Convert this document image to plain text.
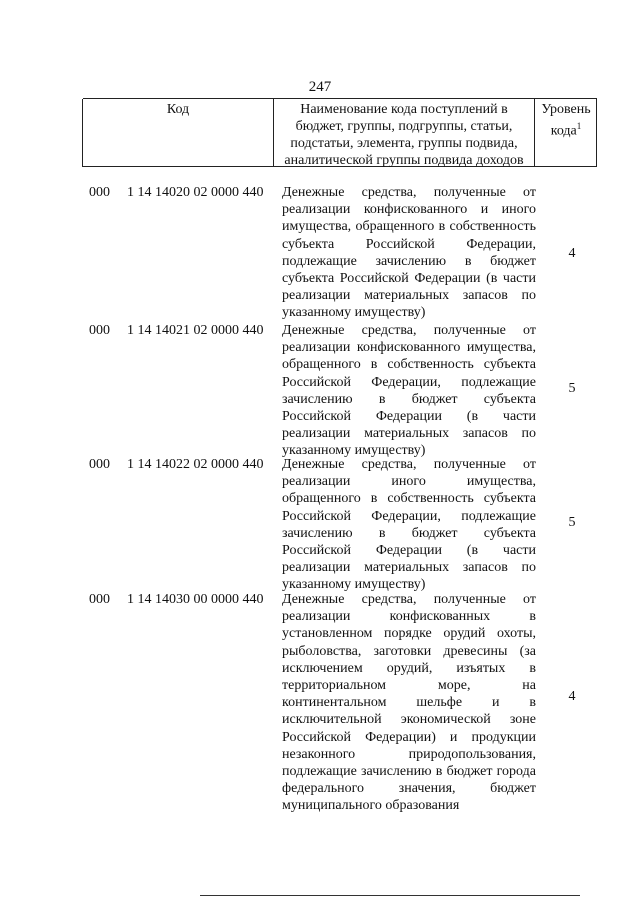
247
Код	Наименование кода поступлений в бюджет, группы, подгруппы, статьи, подстатьи, элемента, группы подвида, аналитической группы подвида доходов
Уровень кода$^1$
000 1 14 14020 02 0000 440 Денежные средства, полученные от реализации конфискованного и иного имущества, обращенного в собственность субъекта Российской Федерации, подлежащие зачислению в бюджет субъекта Российской Федерации (в части реализации материальных запасов по указанному имуществу)
4
000 1 14 14021 02 0000 440 Денежные средства, полученные от реализации конфискованного имущества, обращенного в собственность субъекта Российской Федерации, подлежащие зачислению в бюджет субъекта Российской Федерации (в части реализации материальных запасов по указанному имуществу)
5
000 1 14 14022 02 0000 440 Денежные средства, полученные от реализации иного имущества, обращенного в собственность субъекта Российской Федерации, подлежащие зачислению в бюджет субъекта Российской Федерации (в части реализации материальных запасов по указанному имуществу)
5
000 1 14 14030 00 0000 440 Денежные средства, полученные от реализации конфискованных в установленном порядке орудий охоты, рыболовства, заготовки древесины (за исключением орудий, изъятых в территориальном море, на континентальном шельфе и в исключительной экономической зоне Российской Федерации) и продукции незаконного природопользования, подлежащие зачислению в бюджет города федерального значения, бюджет муниципального образования
4
